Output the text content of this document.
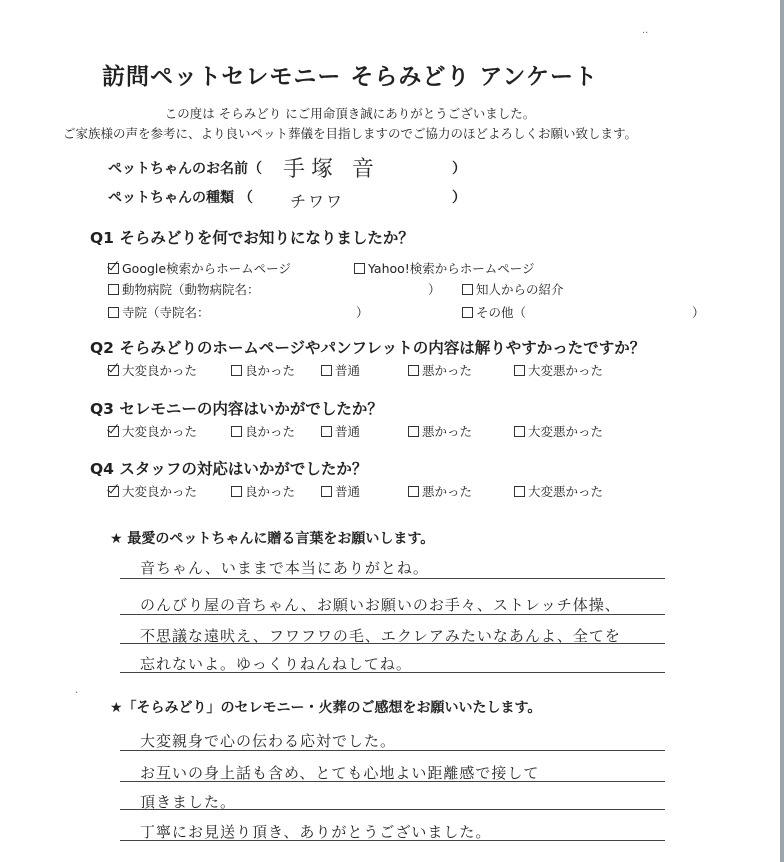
··
·
訪問ペットセレモニー そらみどり アンケート
この度は そらみどり にご用命頂き誠にありがとうございました。
ご家族様の声を参考に、より良いペット葬儀を目指しますのでご協力のほどよろしくお願い致します。
ペットちゃんのお名前（ 手塚 音	）
ペットちゃんの種類 （ チワワ	）
Q1 そらみどりを何でお知りになりましたか？
Google検索からホームページ	Yahoo!検索からホームページ
動物病院（動物病院名：	）	知人からの紹介
寺院（寺院名：	）	その他（	）
Q2 そらみどりのホームページやパンフレットの内容は解りやすかったですか？
大変良かった	良かった	普通	悪かった	大変悪かった
Q3 セレモニーの内容はいかがでしたか？
大変良かった	良かった	普通	悪かった	大変悪かった
Q4 スタッフの対応はいかがでしたか？
大変良かった	良かった	普通	悪かった	大変悪かった
★ 最愛のペットちゃんに贈る言葉をお願いします。
音ちゃん、いままで本当にありがとね。
のんびり屋の音ちゃん、お願いお願いのお手々、ストレッチ体操、
不思議な遠吠え、フワフワの毛、エクレアみたいなあんよ、全てを
忘れないよ。ゆっくりねんねしてね。
★「そらみどり」のセレモニー・火葬のご感想をお願いいたします。
大変親身で心の伝わる応対でした。
お互いの身上話も含め、とても心地よい距離感で接して
頂きました。
丁寧にお見送り頂き、ありがとうございました。
